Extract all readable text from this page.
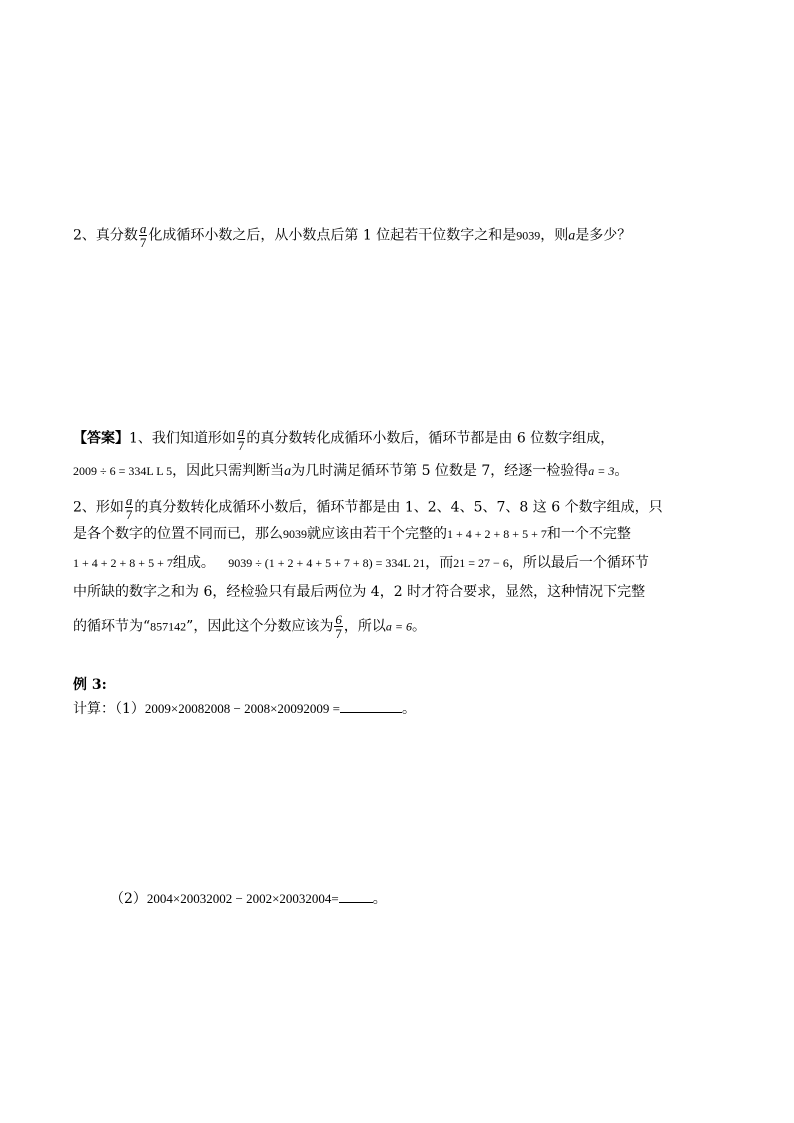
2、真分数 $\frac{a}{7}$ 化成循环小数之后，从小数点后第 1 位起若干位数字之和是9039，则a是多少？
【答案】1、我们知道形如 $\frac{a}{7}$ 的真分数转化成循环小数后，循环节都是由 6 位数字组成，
2009 ÷ 6 = 334L L 5，因此只需判断当a为几时满足循环节第 5 位数是 7，经逐一检验得a = 3。
2、形如 $\frac{a}{7}$ 的真分数转化成循环小数后，循环节都是由 1、2、4、5、7、8 这 6 个数字组成，只
是各个数字的位置不同而已，那么9039就应该由若干个完整的1 + 4 + 2 + 8 + 5 + 7和一个不完整
1 + 4 + 2 + 8 + 5 + 7组成。 9039 ÷ (1 + 2 + 4 + 5 + 7 + 8) = 334L 21，而21 = 27 − 6，所以最后一个循环节
中所缺的数字之和为 6，经检验只有最后两位为 4，2 时才符合要求，显然，这种情况下完整
的循环节为“857142”，因此这个分数应该为 $\frac{6}{7}$ ，所以a = 6。
例 3:
计算：（1）2009×20082008 − 2008×20092009 =	。
（2）2004×20032002 − 2002×20032004= 。
